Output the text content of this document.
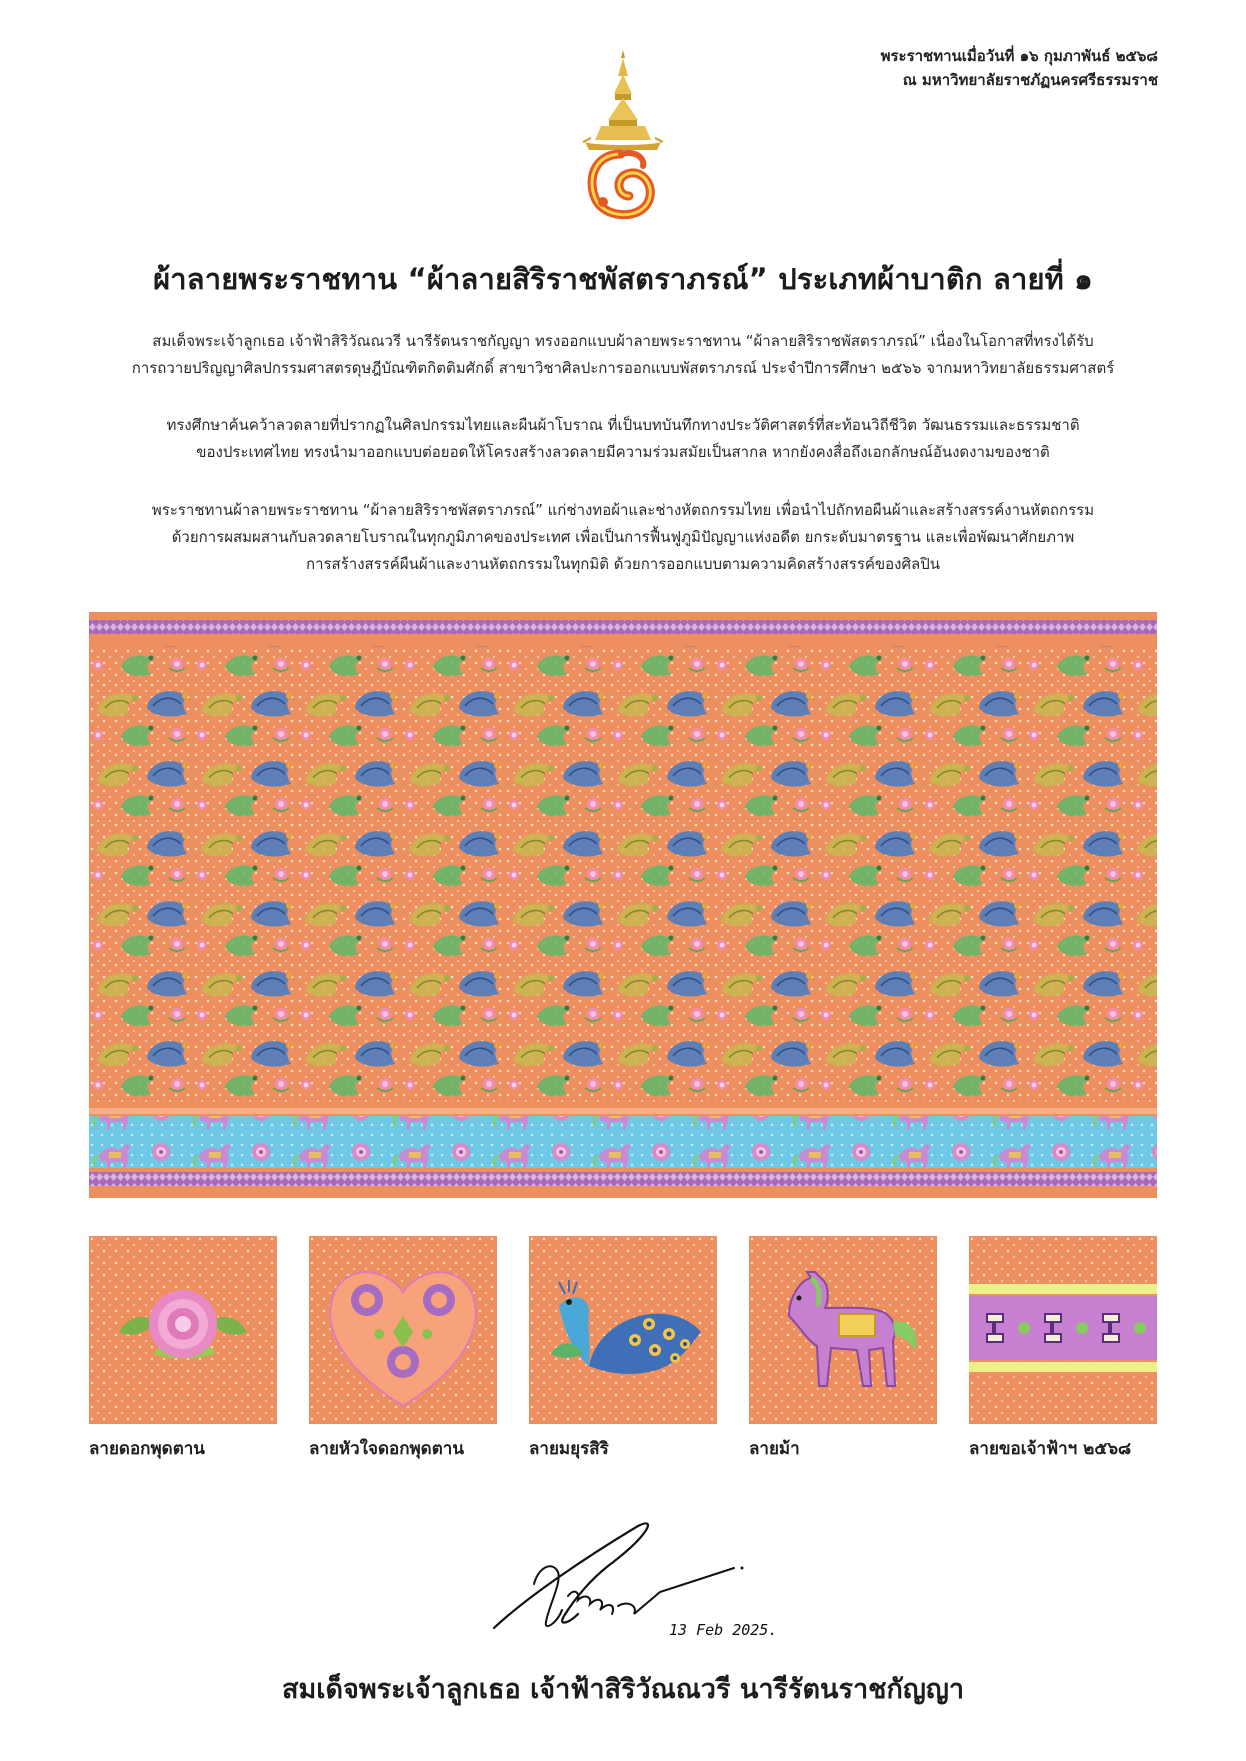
พระราชทานเมื่อวันที่ ๑๖ กุมภาพันธ์ ๒๕๖๘
ณ มหาวิทยาลัยราชภัฏนครศรีธรรมราช
ผ้าลายพระราชทาน “ผ้าลายสิริราชพัสตราภรณ์” ประเภทผ้าบาติก ลายที่ ๑

สมเด็จพระเจ้าลูกเธอ เจ้าฟ้าสิริวัณณวรี นารีรัตนราชกัญญา ทรงออกแบบผ้าลายพระราชทาน “ผ้าลายสิริราชพัสตราภรณ์” เนื่องในโอกาสที่ทรงได้รับ

การถวายปริญญาศิลปกรรมศาสตรดุษฎีบัณฑิตกิตติมศักดิ์ สาขาวิชาศิลปะการออกแบบพัสตราภรณ์ ประจำปีการศึกษา ๒๕๖๖ จากมหาวิทยาลัยธรรมศาสตร์

ทรงศึกษาค้นคว้าลวดลายที่ปรากฏในศิลปกรรมไทยและผืนผ้าโบราณ ที่เป็นบทบันทึกทางประวัติศาสตร์ที่สะท้อนวิถีชีวิต วัฒนธรรมและธรรมชาติ

ของประเทศไทย ทรงนำมาออกแบบต่อยอดให้โครงสร้างลวดลายมีความร่วมสมัยเป็นสากล หากยังคงสื่อถึงเอกลักษณ์อันงดงามของชาติ

พระราชทานผ้าลายพระราชทาน “ผ้าลายสิริราชพัสตราภรณ์” แก่ช่างทอผ้าและช่างหัตถกรรมไทย เพื่อนำไปถักทอผืนผ้าและสร้างสรรค์งานหัตถกรรม

ด้วยการผสมผสานกับลวดลายโบราณในทุกภูมิภาคของประเทศ เพื่อเป็นการฟื้นฟูภูมิปัญญาแห่งอดีต ยกระดับมาตรฐาน และเพื่อพัฒนาศักยภาพ

การสร้างสรรค์ผืนผ้าและงานหัตถกรรมในทุกมิติ ด้วยการออกแบบตามความคิดสร้างสรรค์ของศิลปิน

ลายดอกพุดตาน	ลายหัวใจดอกพุดตาน	ลายมยุรสิริ	ลายม้า	ลายขอเจ้าฟ้าฯ ๒๕๖๘
13 Feb 2025.
สมเด็จพระเจ้าลูกเธอ เจ้าฟ้าสิริวัณณวรี นารีรัตนราชกัญญา
